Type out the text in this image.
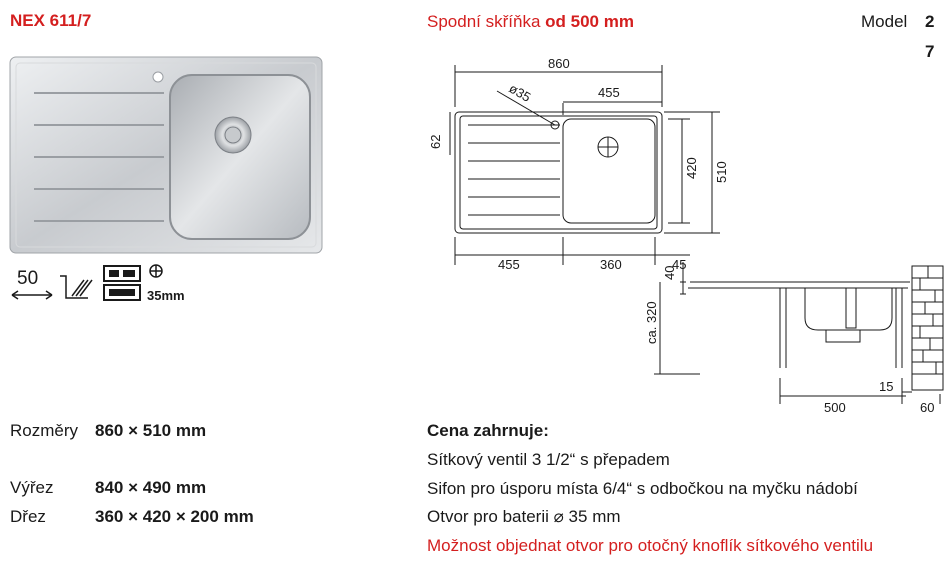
NEX 611/7	Spodní skříňka od 500 mm	Model 2
7
50
35mm
860
455
ø35
62
420 510
455	360	45
40
ca. 320
500
15
60
Rozměry 860 × 510 mm
Výřez 840 × 490 mm
Dřez	360 × 420 × 200 mm
Cena zahrnuje:
Sítkový ventil 3 1/2“ s přepadem
Sifon pro úsporu místa 6/4“ s odbočkou na myčku nádobí
Otvor pro baterii ⌀ 35 mm
Možnost objednat otvor pro otočný knoflík sítkového ventilu
